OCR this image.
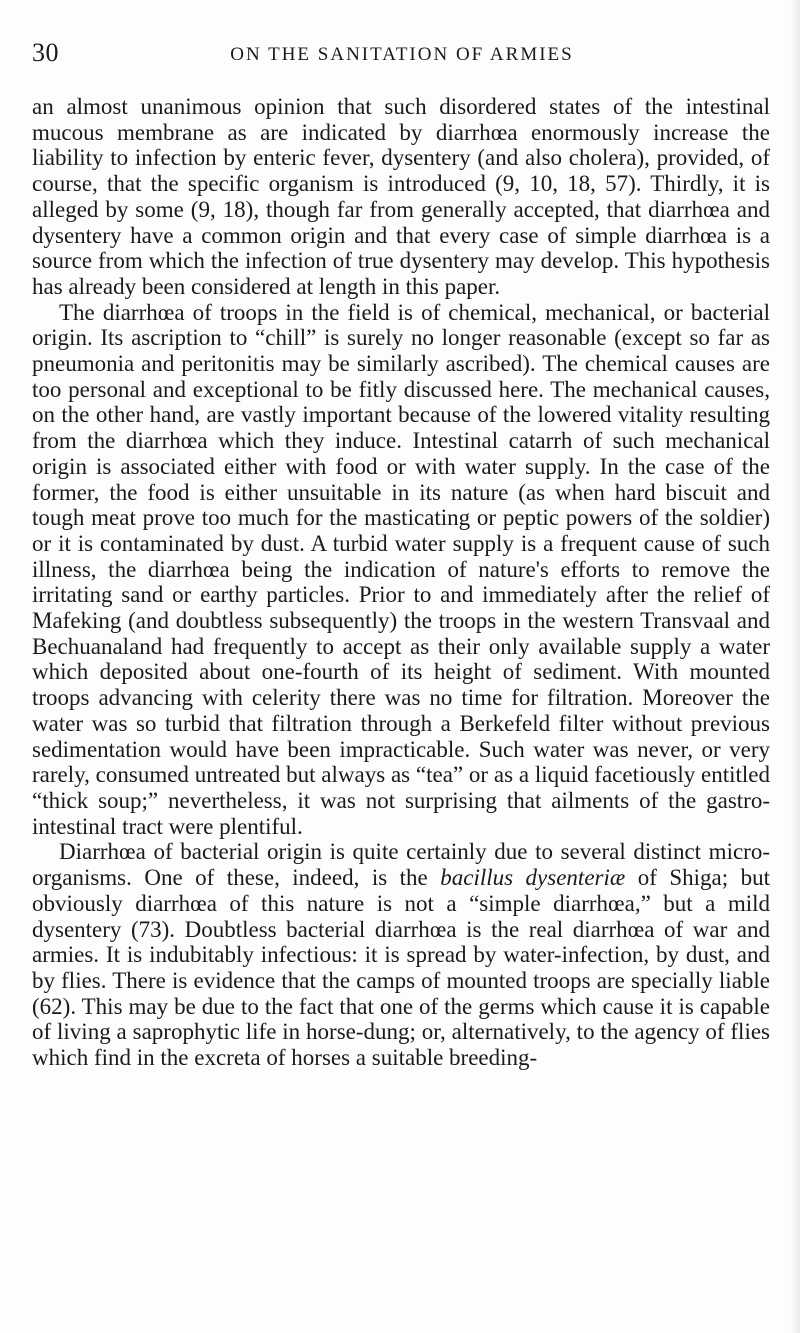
30	ON THE SANITATION OF ARMIES

an almost unanimous opinion that such disordered states of the intestinal mucous membrane as are indicated by diarrhœa enormously increase the liability to infection by enteric fever, dysentery (and also cholera), provided, of course, that the specific organism is introduced (9, 10, 18, 57). Thirdly, it is alleged by some (9, 18), though far from generally accepted, that diarrhœa and dysentery have a common origin and that every case of simple diarrhœa is a source from which the infection of true dysentery may develop. This hypothesis has already been considered at length in this paper.

The diarrhœa of troops in the field is of chemical, mechanical, or bacterial origin. Its ascription to “chill” is surely no longer reasonable (except so far as pneumonia and peritonitis may be similarly ascribed). The chemical causes are too personal and exceptional to be fitly discussed here. The mechanical causes, on the other hand, are vastly important because of the lowered vitality resulting from the diarrhœa which they induce. Intestinal catarrh of such mechanical origin is associated either with food or with water supply. In the case of the former, the food is either unsuitable in its nature (as when hard biscuit and tough meat prove too much for the masticating or peptic powers of the soldier) or it is contaminated by dust. A turbid water supply is a frequent cause of such illness, the diarrhœa being the indication of nature's efforts to remove the irritating sand or earthy particles. Prior to and immediately after the relief of Mafeking (and doubtless subsequently) the troops in the western Transvaal and Bechuanaland had frequently to accept as their only available supply a water which deposited about one-fourth of its height of sediment. With mounted troops advancing with celerity there was no time for filtration. Moreover the water was so turbid that filtration through a Berkefeld filter without previous sedimentation would have been impracticable. Such water was never, or very rarely, consumed untreated but always as “tea” or as a liquid facetiously entitled “thick soup;” nevertheless, it was not surprising that ailments of the gastro-intestinal tract were plentiful.

Diarrhœa of bacterial origin is quite certainly due to several distinct micro-organisms. One of these, indeed, is the bacillus dysenteriæ of Shiga; but obviously diarrhœa of this nature is not a “simple diarrhœa,” but a mild dysentery (73). Doubtless bacterial diarrhœa is the real diarrhœa of war and armies. It is indubitably infectious: it is spread by water-infection, by dust, and by flies. There is evidence that the camps of mounted troops are specially liable (62). This may be due to the fact that one of the germs which cause it is capable of living a saprophytic life in horse-dung; or, alternatively, to the agency of flies which find in the excreta of horses a suitable breeding-
